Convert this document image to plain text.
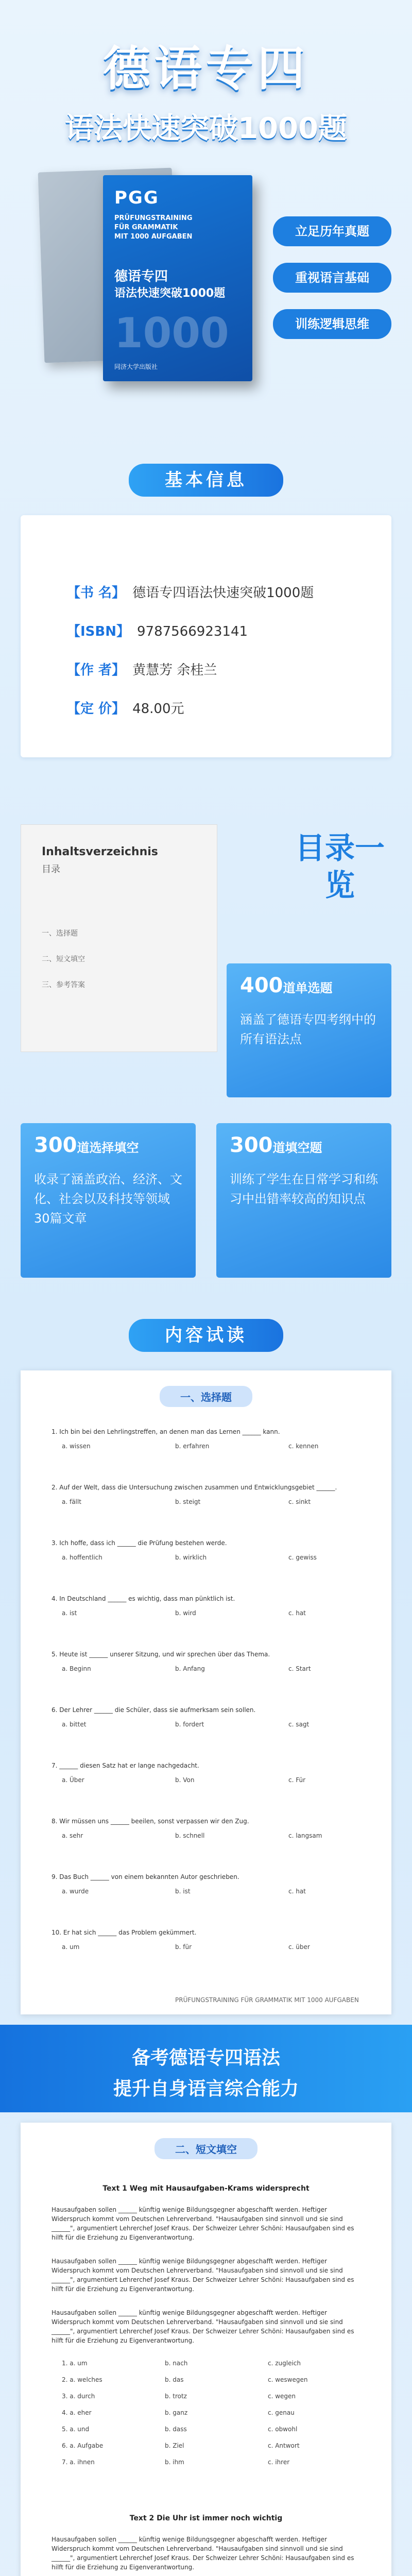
德语专四
语法快速突破1000题
PGG
PRÜFUNGSTRAINING
FÜR GRAMMATIK
MIT 1000 AUFGABEN
德语专四
语法快速突破1000题
1000
同济大学出版社
立足历年真题
重视语言基础
训练逻辑思维
基本信息
【书 名】 德语专四语法快速突破1000题
【ISBN】 9787566923141
【作 者】 黄慧芳 余桂兰
【定 价】 48.00元
Inhaltsverzeichnis
目录
一、选择题
二、短文填空
三、参考答案
目录一览
400道单选题
涵盖了德语专四考纲中的所有语法点
300道选择填空
收录了涵盖政治、经济、文化、社会以及科技等领域30篇文章
300道填空题
训练了学生在日常学习和练习中出错率较高的知识点
内容试读
一、选择题
1. Ich bin bei den Lehrlingstreffen, an denen man das Lernen ______ kann.
a. wissen	b. erfahren	c. kennen
2. Auf der Welt, dass die Untersuchung zwischen zusammen und Entwicklungsgebiet ______.
a. fällt	b. steigt	c. sinkt
3. Ich hoffe, dass ich ______ die Prüfung bestehen werde.
a. hoffentlich	b. wirklich	c. gewiss
4. In Deutschland ______ es wichtig, dass man pünktlich ist.
a. ist	b. wird	c. hat
5. Heute ist ______ unserer Sitzung, und wir sprechen über das Thema.
a. Beginn	b. Anfang	c. Start
6. Der Lehrer ______ die Schüler, dass sie aufmerksam sein sollen.
a. bittet	b. fordert	c. sagt
7. ______ diesen Satz hat er lange nachgedacht.
a. Über	b. Von	c. Für
8. Wir müssen uns ______ beeilen, sonst verpassen wir den Zug.
a. sehr	b. schnell	c. langsam
9. Das Buch ______ von einem bekannten Autor geschrieben.
a. wurde	b. ist	c. hat
10. Er hat sich ______ das Problem gekümmert.
a. um	b. für	c. über
PRÜFUNGSTRAINING FÜR GRAMMATIK MIT 1000 AUFGABEN
备考德语专四语法
提升自身语言综合能力
二、短文填空
Text 1 Weg mit Hausaufgaben-Krams widersprecht
Hausaufgaben sollen ______ künftig wenige Bildungsgegner abgeschafft werden. Heftiger Widerspruch kommt vom Deutschen Lehrerverband. "Hausaufgaben sind sinnvoll und sie sind ______", argumentiert Lehrerchef Josef Kraus. Der Schweizer Lehrer Schöni: Hausaufgaben sind es hilft für die Erziehung zu Eigenverantwortung.
Hausaufgaben sollen ______ künftig wenige Bildungsgegner abgeschafft werden. Heftiger Widerspruch kommt vom Deutschen Lehrerverband. "Hausaufgaben sind sinnvoll und sie sind ______", argumentiert Lehrerchef Josef Kraus. Der Schweizer Lehrer Schöni: Hausaufgaben sind es hilft für die Erziehung zu Eigenverantwortung.
Hausaufgaben sollen ______ künftig wenige Bildungsgegner abgeschafft werden. Heftiger Widerspruch kommt vom Deutschen Lehrerverband. "Hausaufgaben sind sinnvoll und sie sind ______", argumentiert Lehrerchef Josef Kraus. Der Schweizer Lehrer Schöni: Hausaufgaben sind es hilft für die Erziehung zu Eigenverantwortung.
1. a. um	b. nach	c. zugleich
2. a. welches	b. das	c. weswegen
3. a. durch	b. trotz	c. wegen
4. a. eher	b. ganz	c. genau
5. a. und	b. dass	c. obwohl
6. a. Aufgabe	b. Ziel	c. Antwort
7. a. ihnen	b. ihm	c. ihrer
Text 2 Die Uhr ist immer noch wichtig
Hausaufgaben sollen ______ künftig wenige Bildungsgegner abgeschafft werden. Heftiger Widerspruch kommt vom Deutschen Lehrerverband. "Hausaufgaben sind sinnvoll und sie sind ______", argumentiert Lehrerchef Josef Kraus. Der Schweizer Lehrer Schöni: Hausaufgaben sind es hilft für die Erziehung zu Eigenverantwortung.
